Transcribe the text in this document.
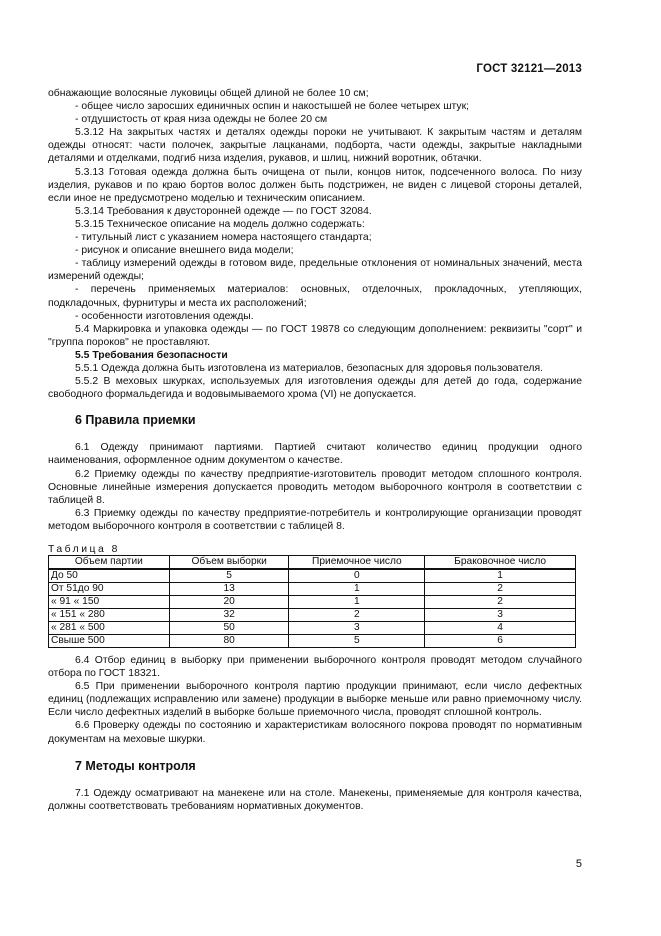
ГОСТ 32121—2013

обнажающие волосяные луковицы общей длиной не более 10 см;

- общее число заросших единичных оспин и накостышей не более четырех штук;

- отдушистость от края низа одежды не более 20 см

5.3.12 На закрытых частях и деталях одежды пороки не учитывают. К закрытым частям и деталям одежды относят: части полочек, закрытые лацканами, подборта, части одежды, закрытые накладными деталями и отделками, подгиб низа изделия, рукавов, и шлиц, нижний воротник, обтачки.

5.3.13 Готовая одежда должна быть очищена от пыли, концов ниток, подсеченного волоса. По низу изделия, рукавов и по краю бортов волос должен быть подстрижен, не виден с лицевой стороны деталей, если иное не предусмотрено моделью и техническим описанием.

5.3.14 Требования к двусторонней одежде — по ГОСТ 32084.

5.3.15 Техническое описание на модель должно содержать:

- титульный лист с указанием номера настоящего стандарта;

- рисунок и описание внешнего вида модели;

- таблицу измерений одежды в готовом виде, предельные отклонения от номинальных значений, места измерений одежды;

- перечень применяемых материалов: основных, отделочных, прокладочных, утепляющих, подкладочных, фурнитуры и места их расположений;

- особенности изготовления одежды.

5.4 Маркировка и упаковка одежды — по ГОСТ 19878 со следующим дополнением: реквизиты "сорт" и "группа пороков" не проставляют.

5.5 Требования безопасности

5.5.1 Одежда должна быть изготовлена из материалов, безопасных для здоровья пользователя.

5.5.2 В меховых шкурках, используемых для изготовления одежды для детей до года, содержание свободного формальдегида и водовымываемого хрома (VI) не допускается.

6 Правила приемки

6.1 Одежду принимают партиями. Партией считают количество единиц продукции одного наименования, оформленное одним документом о качестве.

6.2 Приемку одежды по качеству предприятие-изготовитель проводит методом сплошного контроля. Основные линейные измерения допускается проводить методом выборочного контроля в соответствии с таблицей 8.

6.3 Приемку одежды по качеству предприятие-потребитель и контролирующие организации проводят методом выборочного контроля в соответствии с таблицей 8.

Таблица 8
Объем партии	Объем выборки	Приемочное число	Браковочное число
До 50	5	0	1
От 51до 90	13	1	2
« 91 « 150	20	1	2
« 151 « 280	32	2	3
« 281 « 500	50	3	4
Свыше 500	80	5	6

6.4 Отбор единиц в выборку при применении выборочного контроля проводят методом случайного отбора по ГОСТ 18321.

6.5 При применении выборочного контроля партию продукции принимают, если число дефектных единиц (подлежащих исправлению или замене) продукции в выборке меньше или равно приемочному числу. Если число дефектных изделий в выборке больше приемочного числа, проводят сплошной контроль.

6.6 Проверку одежды по состоянию и характеристикам волосяного покрова проводят по нормативным документам на меховые шкурки.

7 Методы контроля

7.1 Одежду осматривают на манекене или на столе. Манекены, применяемые для контроля качества, должны соответствовать требованиям нормативных документов.

5
